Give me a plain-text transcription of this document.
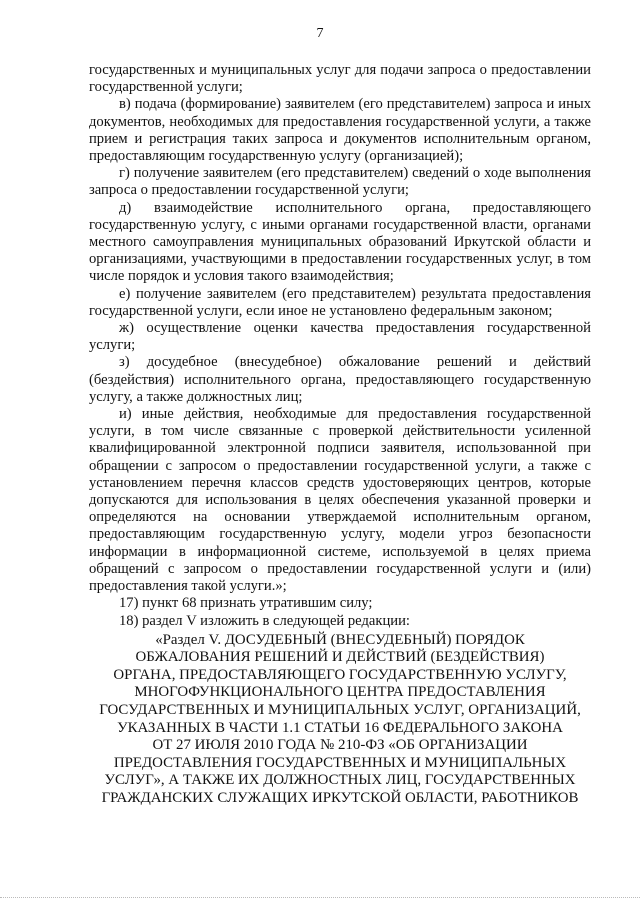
7

государственных и муниципальных услуг для подачи запроса о предоставлении государственной услуги;

в) подача (формирование) заявителем (его представителем) запроса и иных документов, необходимых для предоставления государственной услуги, а также прием и регистрация таких запроса и документов исполнительным органом, предоставляющим государственную услугу (организацией);

г) получение заявителем (его представителем) сведений о ходе выполнения запроса о предоставлении государственной услуги;

д) взаимодействие исполнительного органа, предоставляющего государственную услугу, с иными органами государственной власти, органами местного самоуправления муниципальных образований Иркутской области и организациями, участвующими в предоставлении государственных услуг, в том числе порядок и условия такого взаимодействия;

е) получение заявителем (его представителем) результата предоставления государственной услуги, если иное не установлено федеральным законом;

ж) осуществление оценки качества предоставления государственной услуги;

з) досудебное (внесудебное) обжалование решений и действий (бездействия) исполнительного органа, предоставляющего государственную услугу, а также должностных лиц;

и) иные действия, необходимые для предоставления государственной услуги, в том числе связанные с проверкой действительности усиленной квалифицированной электронной подписи заявителя, использованной при обращении с запросом о предоставлении государственной услуги, а также с установлением перечня классов средств удостоверяющих центров, которые допускаются для использования в целях обеспечения указанной проверки и определяются на основании утверждаемой исполнительным органом, предоставляющим государственную услугу, модели угроз безопасности информации в информационной системе, используемой в целях приема обращений с запросом о предоставлении государственной услуги и (или) предоставления такой услуги.»;

17) пункт 68 признать утратившим силу;

18) раздел V изложить в следующей редакции:

«Раздел V. ДОСУДЕБНЫЙ (ВНЕСУДЕБНЫЙ) ПОРЯДОК
ОБЖАЛОВАНИЯ РЕШЕНИЙ И ДЕЙСТВИЙ (БЕЗДЕЙСТВИЯ)
ОРГАНА, ПРЕДОСТАВЛЯЮЩЕГО ГОСУДАРСТВЕННУЮ УСЛУГУ,
МНОГОФУНКЦИОНАЛЬНОГО ЦЕНТРА ПРЕДОСТАВЛЕНИЯ
ГОСУДАРСТВЕННЫХ И МУНИЦИПАЛЬНЫХ УСЛУГ, ОРГАНИЗАЦИЙ,
УКАЗАННЫХ В ЧАСТИ 1.1 СТАТЬИ 16 ФЕДЕРАЛЬНОГО ЗАКОНА
ОТ 27 ИЮЛЯ 2010 ГОДА № 210-ФЗ «ОБ ОРГАНИЗАЦИИ
ПРЕДОСТАВЛЕНИЯ ГОСУДАРСТВЕННЫХ И МУНИЦИПАЛЬНЫХ
УСЛУГ», А ТАКЖЕ ИХ ДОЛЖНОСТНЫХ ЛИЦ, ГОСУДАРСТВЕННЫХ
ГРАЖДАНСКИХ СЛУЖАЩИХ ИРКУТСКОЙ ОБЛАСТИ, РАБОТНИКОВ
